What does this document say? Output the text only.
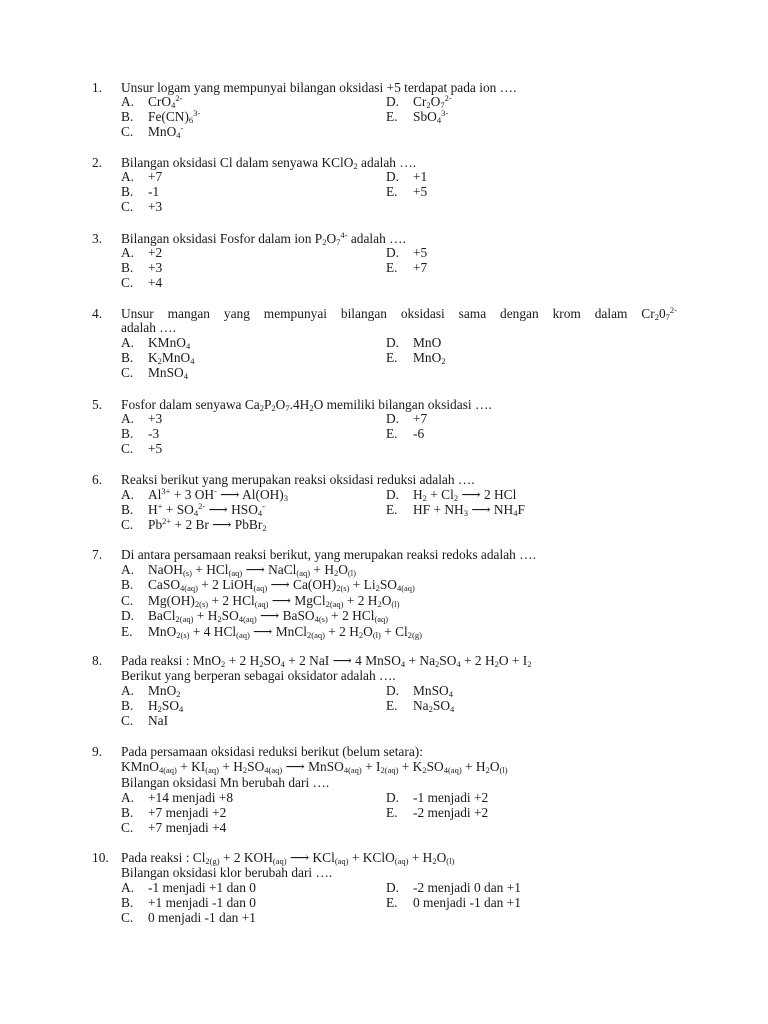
1.	Unsur logam yang mempunyai bilangan oksidasi +5 terdapat pada ion ….
A. CrO$_4^{2-}$	D. $Cr_2O_7^{2-}$
B. $Fe(CN)_6^{3-}$	E. SbO$_4^{3-}$
C. MnO$_4$-
2.	Bilangan oksidasi Cl dalam senyawa KClO$_2$ adalah ….
A. +7	D. +1
B. -1	E. +5
C. +3
3.	Bilangan oksidasi Fosfor dalam ion $P_2O_7^{4-}$ adalah ….
A. +2	D. +5
B. +3	E. +7
C. +4
4.	Unsur mangan yang mempunyai bilangan oksidasi sama dengan krom dalam $Cr_20_7^{2-}$
adalah ….
A. KMnO$_4$	D. MnO
B. $K_2MnO_4$	E. MnO$_2$
C. MnSO$_4$
5.	Fosfor dalam senyawa $Ca_2P_2O_7.4H_2O$ memiliki bilangan oksidasi ….
A. +3	D. +7
B. -3	E. -6
C. +5
6.	Reaksi berikut yang merupakan reaksi oksidasi reduksi adalah ….
A. $Al^{3+} + 3$ OH- ⟶ $Al(OH)_3$	D. $H_2 + Cl_2$ ⟶ 2 HCl
B. $H^+ + SO_4^{2-}$ ⟶ $HSO_4^-$	E. HF + $NH_3$ ⟶ $NH_4F$
C. $Pb^{2+} + 2$ Br ⟶ PbBr$_2$
7.	Di antara persamaan reaksi berikut, yang merupakan reaksi redoks adalah ….
A. NaOH$_{(s)}$ + HCl$_{(aq)}$ ⟶ NaCl$_{(aq)}$ + $H_2O_{(l)}$
B. CaSO$_{4(aq)}$ + 2 LiOH$_{(aq)}$ ⟶ $Ca(OH)_{2(s)} + Li_2SO_{4(aq)}$
C. $Mg(OH)_{2(s)} + 2$ HCl$_{(aq)}$ ⟶ MgCl$_{2(aq)}$ + 2 $H_2O_{(l)}$
D. BaCl$_{2(aq)}$ + $H_2SO_{4(aq)}$ ⟶ BaSO$_{4(s)}$ + 2 HCl$_{(aq)}$
E. MnO$_{2(s)}$ + 4 HCl$_{(aq)}$ ⟶ MnCl$_{2(aq)}$ + 2 $H_2O_{(l)} + Cl_{2(g)}$
8.	Pada reaksi : MnO$_2$ + 2 $H_2SO_4 + 2$ NaI ⟶ 4 MnSO$_4$ + $Na_2SO_4 + 2$ $H_2O + I_2$
Berikut yang berperan sebagai oksidator adalah ….
A. MnO$_2$	D. MnSO$_4$
B. $H_2SO_4$	E. $Na_2SO_4$
C. NaI
9.	Pada persamaan oksidasi reduksi berikut (belum setara):
KMnO$_{4(aq)}$ + $KI_{(aq)} + H_2SO_{4(aq)}$ ⟶ MnSO$_{4(aq)}$ + $I_{2(aq)} + K_2SO_{4(aq)} + H_2O_{(l)}$
Bilangan oksidasi Mn berubah dari ….
A. +14 menjadi +8	D. -1 menjadi +2
B. +7 menjadi +2	E. -2 menjadi +2
C. +7 menjadi +4
10. Pada reaksi : $Cl_{2(g)} + 2$ $KOH_{(aq)}$ ⟶ KCl$_{(aq)}$ + KClO$_{(aq)}$ + $H_2O_{(l)}$
Bilangan oksidasi klor berubah dari ….
A. -1 menjadi +1 dan 0	D. -2 menjadi 0 dan +1
B. +1 menjadi -1 dan 0	E. 0 menjadi -1 dan +1
C. 0 menjadi -1 dan +1
